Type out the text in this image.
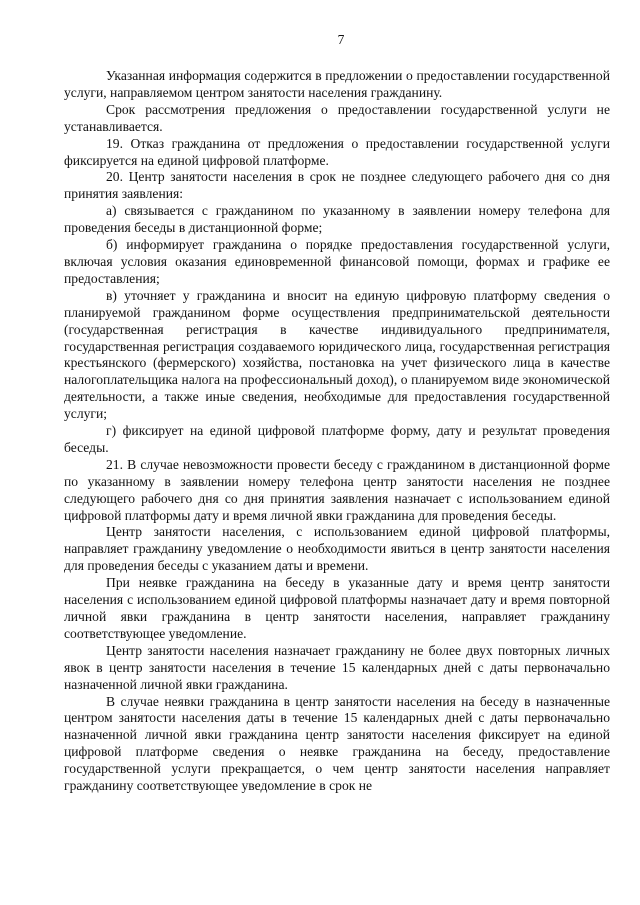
7

Указанная информация содержится в предложении о предоставлении государственной услуги, направляемом центром занятости населения гражданину.

Срок рассмотрения предложения о предоставлении государственной услуги не устанавливается.

19. Отказ гражданина от предложения о предоставлении государственной услуги фиксируется на единой цифровой платформе.

20. Центр занятости населения в срок не позднее следующего рабочего дня со дня принятия заявления:

а) связывается с гражданином по указанному в заявлении номеру телефона для проведения беседы в дистанционной форме;

б) информирует гражданина о порядке предоставления государственной услуги, включая условия оказания единовременной финансовой помощи, формах и графике ее предоставления;

в) уточняет у гражданина и вносит на единую цифровую платформу сведения о планируемой гражданином форме осуществления предпринимательской деятельности (государственная регистрация в качестве индивидуального предпринимателя, государственная регистрация создаваемого юридического лица, государственная регистрация крестьянского (фермерского) хозяйства, постановка на учет физического лица в качестве налогоплательщика налога на профессиональный доход), о планируемом виде экономической деятельности, а также иные сведения, необходимые для предоставления государственной услуги;

г) фиксирует на единой цифровой платформе форму, дату и результат проведения беседы.

21. В случае невозможности провести беседу с гражданином в дистанционной форме по указанному в заявлении номеру телефона центр занятости населения не позднее следующего рабочего дня со дня принятия заявления назначает с использованием единой цифровой платформы дату и время личной явки гражданина для проведения беседы.

Центр занятости населения, с использованием единой цифровой платформы, направляет гражданину уведомление о необходимости явиться в центр занятости населения для проведения беседы с указанием даты и времени.

При неявке гражданина на беседу в указанные дату и время центр занятости населения с использованием единой цифровой платформы назначает дату и время повторной личной явки гражданина в центр занятости населения, направляет гражданину соответствующее уведомление.

Центр занятости населения назначает гражданину не более двух повторных личных явок в центр занятости населения в течение 15 календарных дней с даты первоначально назначенной личной явки гражданина.

В случае неявки гражданина в центр занятости населения на беседу в назначенные центром занятости населения даты в течение 15 календарных дней с даты первоначально назначенной личной явки гражданина центр занятости населения фиксирует на единой цифровой платформе сведения о неявке гражданина на беседу, предоставление государственной услуги прекращается, о чем центр занятости населения направляет гражданину соответствующее уведомление в срок не
